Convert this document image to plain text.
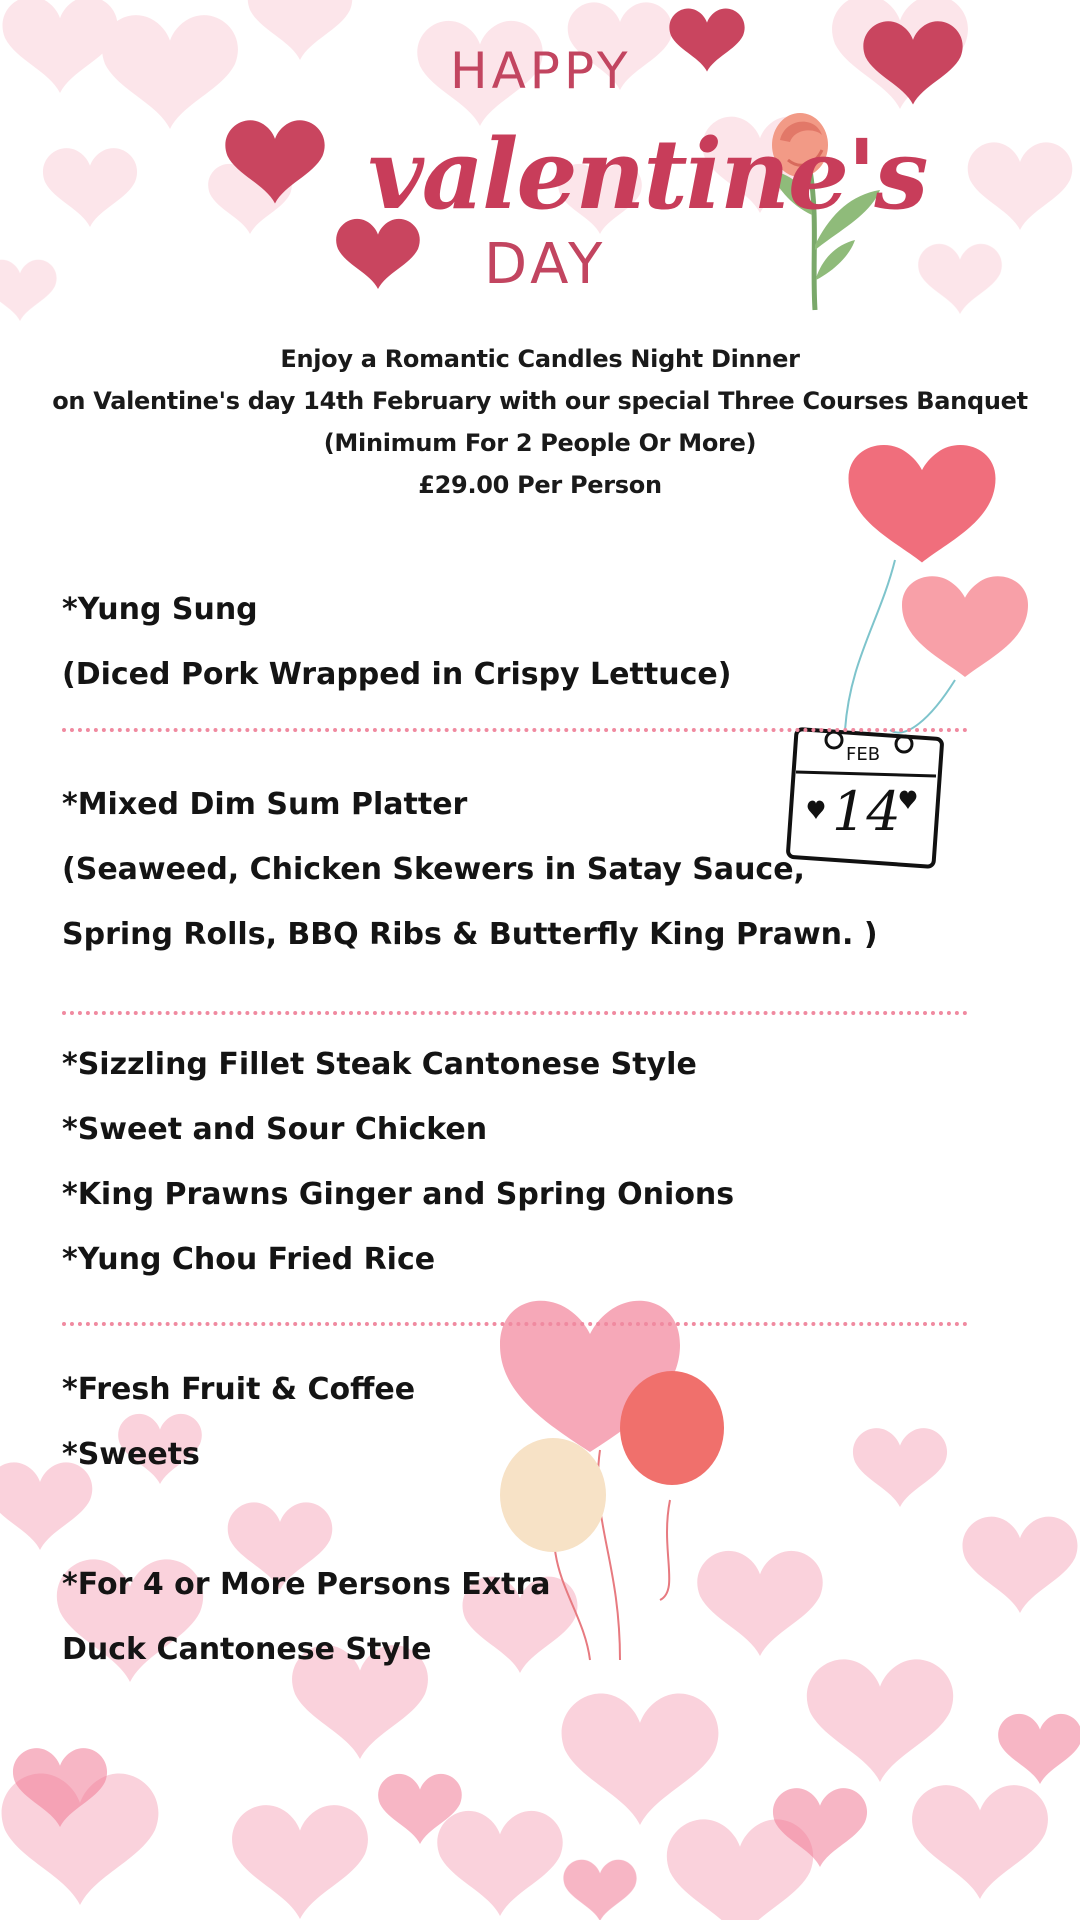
HAPPY
valentine's
DAY
Enjoy a Romantic Candles Night Dinner
on Valentine's day 14th February with our special Three Courses Banquet
(Minimum For 2 People Or More)
£29.00 Per Person
FEB
14
*Yung Sung
(Diced Pork Wrapped in Crispy Lettuce)
*Mixed Dim Sum Platter
(Seaweed, Chicken Skewers in Satay Sauce,
Spring Rolls, BBQ Ribs & Butterfly King Prawn. )
*Sizzling Fillet Steak Cantonese Style
*Sweet and Sour Chicken
*King Prawns Ginger and Spring Onions
*Yung Chou Fried Rice
*Fresh Fruit & Coffee
*Sweets
*For 4 or More Persons Extra
Duck Cantonese Style
